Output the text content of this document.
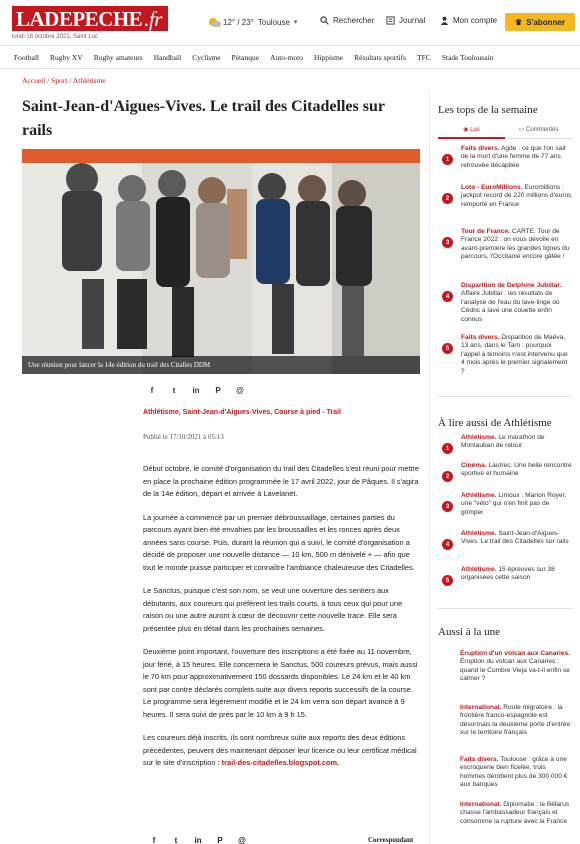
LADEPECHE.fr
lundi 18 octobre 2021, Saint Luc
12° / 23° Toulouse ▾	Rechercher	Journal	Mon compte ♛ S'abonner
Football Rugby XV Rugby amateurs Handball Cyclisme Pétanque Auto-moto Hippisme Résultats sportifs TFC Stade Toulousain
Accueil / Sport / Athlétisme
Saint-Jean-d'Aigues-Vives. Le trail des Citadelles sur rails
Une réunion pour lancer la 14e édition du trail des Citalles DDM
f	t	in	P	@
Athlétisme, Saint-Jean-d'Aigues-Vives, Course à pied - Trail
Publié le 17/10/2021 à 05:13

Début octobre, le comité d'organisation du trail des Citadelles s'est réuni pour mettre en place la prochaine édition programmée le 17 avril 2022, jour de Pâques. Il s'agira de la 14e édition, départ et arrivée à Lavelanet.

La journée a commencé par un premier débroussaillage, certaines parties du parcours ayant bien été envahies par les broussailles et les ronces après deux années sans course. Puis, durant la réunion qui a suivi, le comité d'organisation a décidé de proposer une nouvelle distance — 10 km, 500 m dénivelé + — afin que tout le monde puisse participer et connaître l'ambiance chaleureuse des Citadelles.

Le Sanctus, puisque c'est son nom, se veut une ouverture des sentiers aux débutants, aux coureurs qui préfèrent les trails courts, à tous ceux qui pour une raison ou une autre auront à cœur de découvrir cette nouvelle trace. Elle sera présentée plus en détail dans les prochaines semaines.

Deuxième point important, l'ouverture des inscriptions a été fixée au 11 novembre, jour férié, à 15 heures. Elle concernera le Sanctus, 500 coureurs prévus, mais aussi le 70 km pour approximativement 150 dossards disponibles. Le 24 km et le 40 km sont par contre déclarés complets suite aux divers reports successifs de la course. Le programme sera légèrement modifié et le 24 km verra son départ avancé à 9 heures. Il sera suivi de près par le 10 km à 9 h 15.

Les coureurs déjà inscrits, ils sont nombreux suite aux reports des deux éditions précédentes, peuvent dès maintenant déposer leur licence ou leur certificat médical sur le site d'inscription : trail-des-citadelles.blogspot.com.

f	t	in	P	@	Correspondant
Les tops de la semaine
◉ Lus	▭ Commentés
1
Faits divers. Agde : ce que l'on sait de la mort d'une femme de 77 ans retrouvée décapitée
2
Loto - EuroMillions. Euromillions : jackpot record de 220 millions d'euros remporté en France
3
Tour de France. CARTE. Tour de France 2022 : on vous dévoile en avant-première les grandes lignes du parcours, l'Occitanie encore gâtée !
4
Disparition de Delphine Jubillar. Affaire Jubillar : les résultats de l'analyse de l'eau du lave-linge où Cédric a lavé une couette enfin connus
5
Faits divers. Disparition de Maëva, 13 ans, dans le Tarn : pourquoi l'appel à témoins n'est intervenu que 4 mois après le premier signalement ?
À lire aussi de Athlétisme
1
Athlétisme. Le marathon de Montauban de retour
2
Cinéma. Lautrec. Une belle rencontre sportive et humaine
3
Athlétisme. Limoux : Marion Royer, une "véto" qui n'en finit pas de grimper
4
Athlétisme. Saint-Jean-d'Aigues-Vives. Le trail des Citadelles sur rails
5
Athlétisme. 15 épreuves sur 38 organisées cette saison
Aussi à la une
Éruption d'un volcan aux Canaries. Éruption du volcan aux Canaries : quand le Cumbre Vieja va-t-il enfin se calmer ?
International. Route migratoire : la frontière franco-espagnole est désormais la deuxième porte d'entrée sur le territoire français
Faits divers. Toulouse : grâce à une escroquerie bien ficelée, trois hommes dérobent plus de 300 000 € aux banques
International. Diplomatie : le Bélarus chasse l'ambassadeur français et consomme la rupture avec la France
